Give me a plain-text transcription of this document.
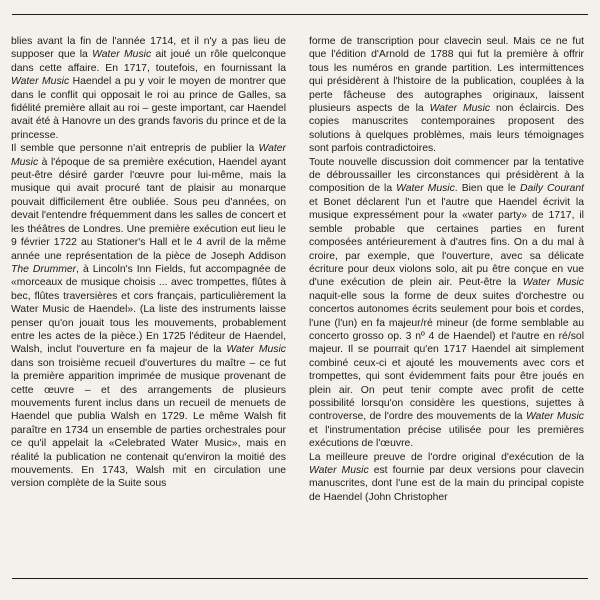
blies avant la fin de l'année 1714, et il n'y a pas lieu de supposer que la Water Music ait joué un rôle quelconque dans cette affaire. En 1717, toutefois, en fournissant la Water Music Haendel a pu y voir le moyen de montrer que dans le conflit qui opposait le roi au prince de Galles, sa fidélité première allait au roi – geste important, car Haendel avait été à Hanovre un des grands favoris du prince et de la princesse.

Il semble que personne n'ait entrepris de publier la Water Music à l'époque de sa première exécution, Haendel ayant peut-être désiré garder l'œuvre pour lui-même, mais la musique qui avait procuré tant de plaisir au monarque pouvait difficilement être oubliée. Sous peu d'années, on devait l'entendre fréquemment dans les salles de concert et les théâtres de Londres. Une première exécution eut lieu le 9 février 1722 au Stationer's Hall et le 4 avril de la même année une représentation de la pièce de Joseph Addison The Drummer, à Lincoln's Inn Fields, fut accompagnée de «morceaux de musique choisis ... avec trompettes, flûtes à bec, flûtes traversières et cors français, particulièrement la Water Music de Haendel». (La liste des instruments laisse penser qu'on jouait tous les mouvements, probablement entre les actes de la pièce.) En 1725 l'éditeur de Haendel, Walsh, inclut l'ouverture en fa majeur de la Water Music dans son troisième recueil d'ouvertures du maître – ce fut la première apparition imprimée de musique provenant de cette œuvre – et des arrangements de plusieurs mouvements furent inclus dans un recueil de menuets de Haendel que publia Walsh en 1729. Le même Walsh fit paraître en 1734 un ensemble de parties orchestrales pour ce qu'il appelait la «Celebrated Water Music», mais en réalité la publication ne contenait qu'environ la moitié des mouvements. En 1743, Walsh mit en circulation une version complète de la Suite sous

forme de transcription pour clavecin seul. Mais ce ne fut que l'édition d'Arnold de 1788 qui fut la première à offrir tous les numéros en grande partition. Les intermittences qui présidèrent à l'histoire de la publication, couplées à la perte fâcheuse des autographes originaux, laissent plusieurs aspects de la Water Music non éclaircis. Des copies manuscrites contemporaines proposent des solutions à quelques problèmes, mais leurs témoignages sont parfois contradictoires.

Toute nouvelle discussion doit commencer par la tentative de débroussailler les circonstances qui présidèrent à la composition de la Water Music. Bien que le Daily Courant et Bonet déclarent l'un et l'autre que Haendel écrivit la musique expressément pour la «water party» de 1717, il semble probable que certaines parties en furent composées antérieurement à d'autres fins. On a du mal à croire, par exemple, que l'ouverture, avec sa délicate écriture pour deux violons solo, ait pu être conçue en vue d'une exécution de plein air. Peut-être la Water Music naquit-elle sous la forme de deux suites d'orchestre ou concertos autonomes écrits seulement pour bois et cordes, l'une (l'un) en fa majeur/ré mineur (de forme semblable au concerto grosso op. 3 nº 4 de Haendel) et l'autre en ré/sol majeur. Il se pourrait qu'en 1717 Haendel ait simplement combiné ceux-ci et ajouté les mouvements avec cors et trompettes, qui sont évidemment faits pour être joués en plein air. On peut tenir compte avec profit de cette possibilité lorsqu'on considère les questions, sujettes à controverse, de l'ordre des mouvements de la Water Music et l'instrumentation précise utilisée pour les premières exécutions de l'œuvre.

La meilleure preuve de l'ordre original d'exécution de la Water Music est fournie par deux versions pour clavecin manuscrites, dont l'une est de la main du principal copiste de Haendel (John Christopher
